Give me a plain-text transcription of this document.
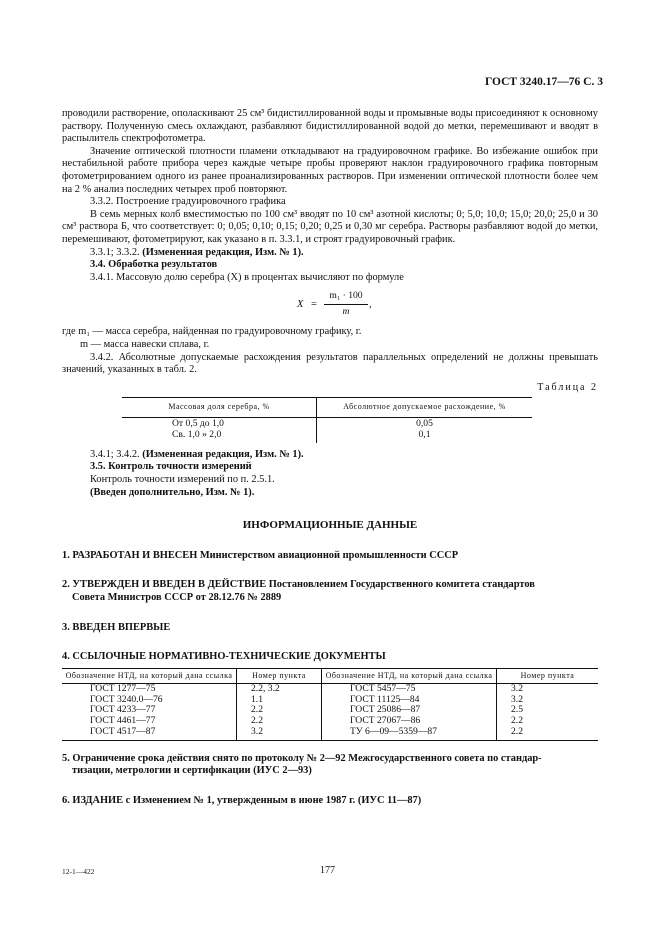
ГОСТ 3240.17—76 С. 3

проводили растворение, ополаскивают 25 см³ бидистиллированной воды и промывные воды присоединяют к основному раствору. Полученную смесь охлаждают, разбавляют бидистиллированной водой до метки, перемешивают и вводят в распылитель спектрофотометра.

Значение оптической плотности пламени откладывают на градуировочном графике. Во избежание ошибок при нестабильной работе прибора через каждые четыре пробы проверяют наклон градуировочного графика повторным фотометрированием одного из ранее проанализированных растворов. При изменении оптической плотности более чем на 2 % анализ последних четырех проб повторяют.

3.3.2. Построение градуировочного графика

В семь мерных колб вместимостью по 100 см³ вводят по 10 см³ азотной кислоты; 0; 5,0; 10,0; 15,0; 20,0; 25,0 и 30 см³ раствора Б, что соответствует: 0; 0,05; 0,10; 0,15; 0,20; 0,25 и 0,30 мг серебра. Растворы разбавляют водой до метки, перемешивают, фотометрируют, как указано в п. 3.3.1, и строят градуировочный график.

3.3.1; 3.3.2. (Измененная редакция, Изм. № 1).

3.4. Обработка результатов

3.4.1. Массовую долю серебра (X) в процентах вычисляют по формуле

$X = \frac{\text{m₁ · 100}}{m}$ ,

где m₁ — масса серебра, найденная по градуировочному графику, г.

m — масса навески сплава, г.

3.4.2. Абсолютные допускаемые расхождения результатов параллельных определений не должны превышать значений, указанных в табл. 2.

Таблица 2
Массовая доля серебра, %	Абсолютное допускаемое расхождение, %
От 0,5 до 1,0	0,05
Св. 1,0 » 2,0	0,1

3.4.1; 3.4.2. (Измененная редакция, Изм. № 1).

3.5. Контроль точности измерений

Контроль точности измерений по п. 2.5.1.

(Введен дополнительно, Изм. № 1).

ИНФОРМАЦИОННЫЕ ДАННЫЕ
1. РАЗРАБОТАН И ВНЕСЕН Министерством авиационной промышленности СССР
2. УТВЕРЖДЕН И ВВЕДЕН В ДЕЙСТВИЕ Постановлением Государственного комитета стандартов
Совета Министров СССР от 28.12.76 № 2889
3. ВВЕДЕН ВПЕРВЫЕ
4. ССЫЛОЧНЫЕ НОРМАТИВНО-ТЕХНИЧЕСКИЕ ДОКУМЕНТЫ
Обозначение НТД, на который дана ссылка	Номер пункта	Обозначение НТД, на который дана ссылка	Номер пункта
ГОСТ 1277—75	2.2, 3.2	ГОСТ 5457—75	3.2
ГОСТ 3240.0—76	1.1	ГОСТ 11125—84	3.2
ГОСТ 4233—77	2.2	ГОСТ 25086—87	2.5
ГОСТ 4461—77	2.2	ГОСТ 27067—86	2.2
ГОСТ 4517—87	3.2	ТУ 6—09—5359—87	2.2
5. Ограничение срока действия снято по протоколу № 2—92 Межгосударственного совета по стандар-
тизации, метрологии и сертификации (ИУС 2—93)
6. ИЗДАНИЕ с Изменением № 1, утвержденным в июне 1987 г. (ИУС 11—87)
12-1—422	177
